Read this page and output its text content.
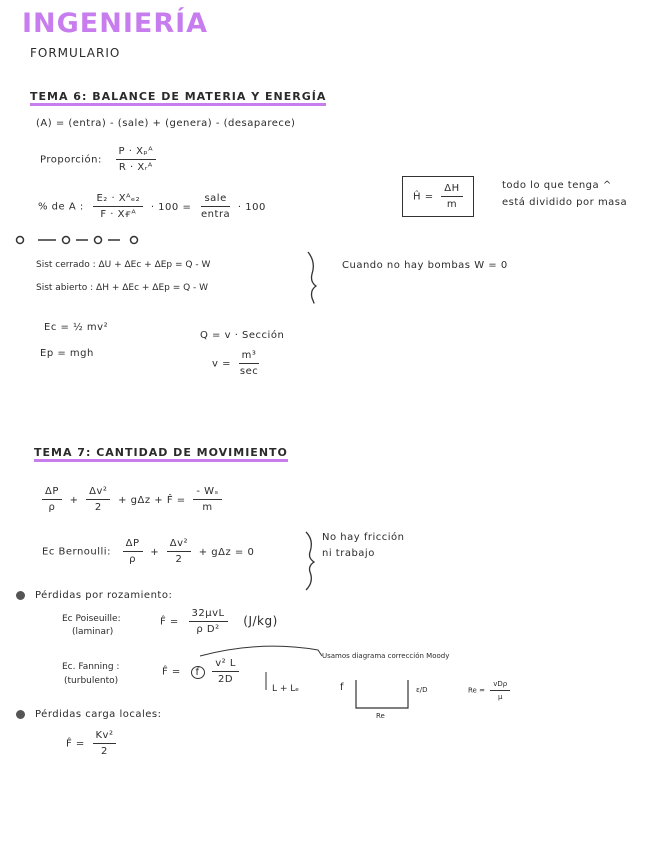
INGENIERÍA
FORMULARIO
TEMA 6: BALANCE DE MATERIA Y ENERGÍA
(A) = (entra) - (sale) + (genera) - (desaparece)
Proporción: $\frac{\text{P · Xₚᴬ}}{\text{R · Xᵣᴬ}}$
% de A : $\frac{\text{E₂ · Xᴬₑ₂}}{\text{F · Xғᴬ}} \cdot 100 = \frac{\text{sale}}{\text{entra}} \cdot 100$
Ĥ = $\frac{\Delta H}{m}$	todo lo que tenga ^
está dividido por masa
Sist cerrado : ΔU + ΔEc + ΔEp = Q - W
Sist abierto : ΔH + ΔEc + ΔEp = Q - W
Cuando no hay bombas W = 0
Ec = ½ mv²
Ep = mgh
Q = v · Sección
$v = \frac{\text{m³}}{\sec}$
TEMA 7: CANTIDAD DE MOVIMIENTO
$\frac{\Delta P}{\rho} + \frac{\text{Δv²}}{2} + g\Delta z$ + F̂ = $\frac{\text{- Wₛ}}{m}$
Ec Bernoulli: $\frac{\Delta P}{\rho} + \frac{\text{Δv²}}{2} + g\Delta z = 0$
No hay fricción
ni trabajo
Pérdidas por rozamiento:
Ec Poiseuille:
(laminar)
F̂ = $\frac{\text{32μvL}}{\text{ρ D²}} (J/kg)$
Ec. Fanning :
(turbulento)
F̂ = f $\frac{\text{v² L}}{2D}$
L + Lₑ
Usamos diagrama corrección Moody
f	ε/D
Re
$Re = \frac{\text{vDρ}}{\mu}$
Pérdidas carga locales:
F̂ = $\frac{\text{Kv²}}{2}$
